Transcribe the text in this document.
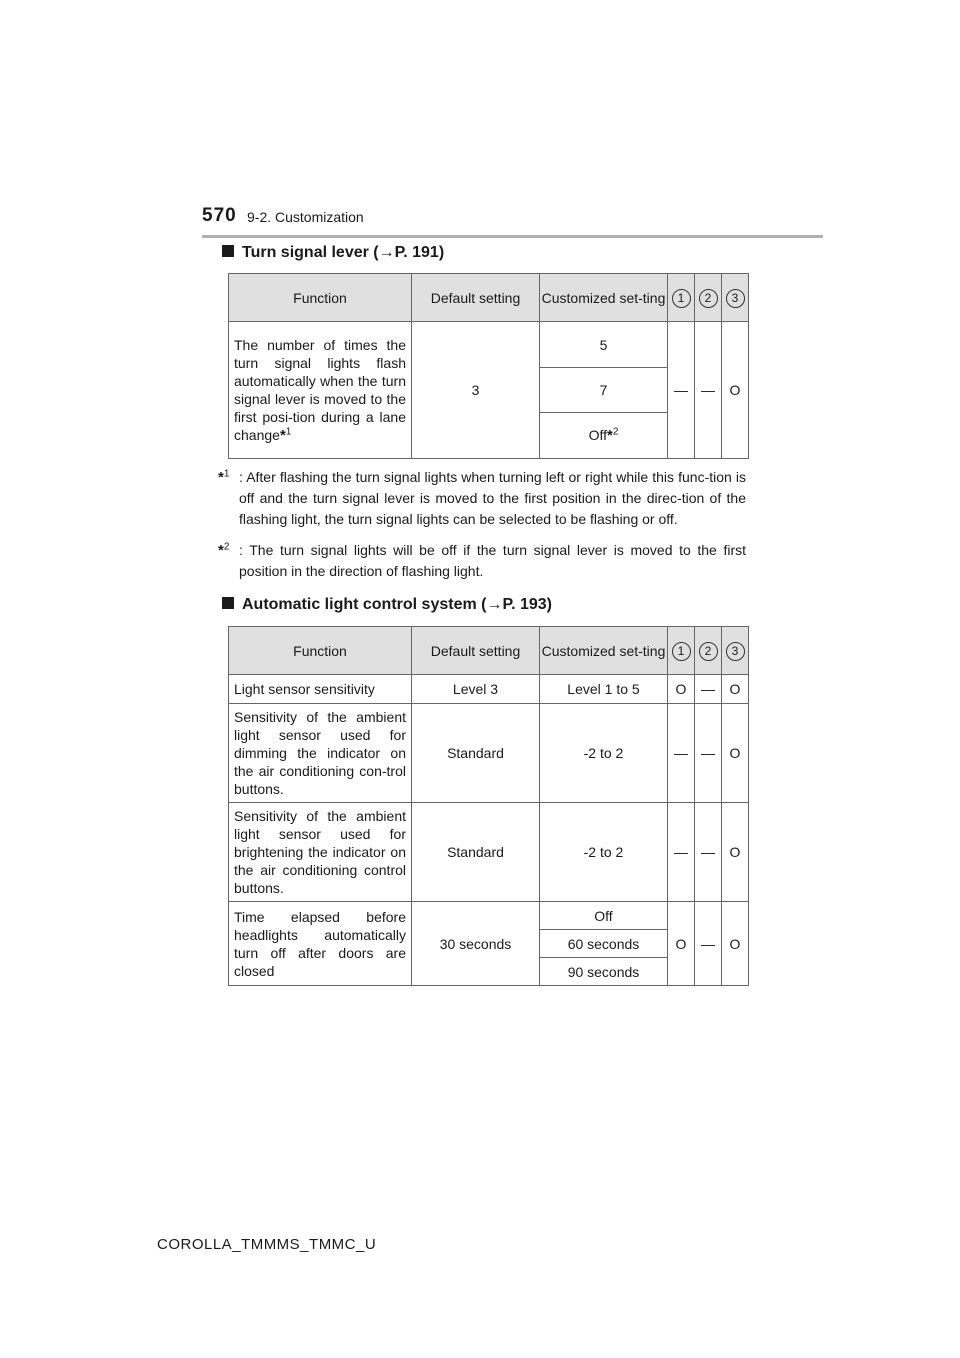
570 9-2. Customization
Turn signal lever (→P. 191)
Function	Default setting	Customized set-ting	1	2	3
The number of times the turn signal lights flash automatically when the turn signal lever is moved to the first posi-tion during a lane change*$^1$	3	5	—	—	O
		7			
		Off*$^2$
*$^1$ : After flashing the turn signal lights when turning left or right while this func-tion is off and the turn signal lever is moved to the first position in the direc-tion of the flashing light, the turn signal lights can be selected to be flashing or off.
*$^2$ : The turn signal lights will be off if the turn signal lever is moved to the first position in the direction of flashing light.
Automatic light control system (→P. 193)
Function	Default setting	Customized set-ting	1	2	3
Light sensor sensitivity	Level 3	Level 1 to 5	O	—	O
Sensitivity of the ambient light sensor used for dimming the indicator on the air conditioning con-trol buttons.	Standard	-2 to 2	—	—	O
Sensitivity of the ambient light sensor used for brightening the indicator on the air conditioning control buttons.	Standard	-2 to 2	—	—	O
Time elapsed before headlights automatically turn off after doors are closed	30 seconds	Off	O	—	O
		60 seconds			
		90 seconds			
COROLLA_TMMMS_TMMC_U
